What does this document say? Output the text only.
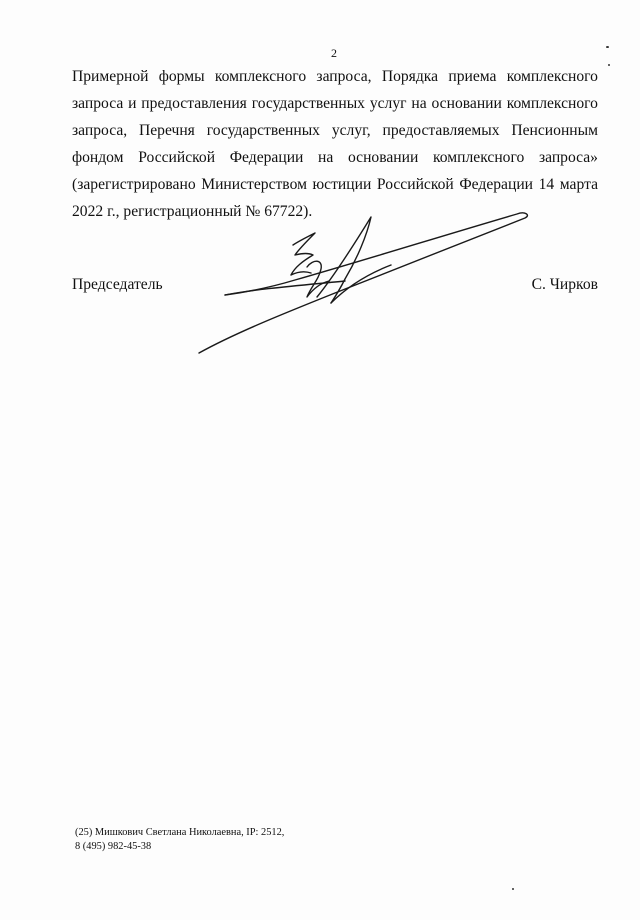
2
Примерной формы комплексного запроса, Порядка приема комплексного
запроса и предоставления государственных услуг на основании комплексного
запроса, Перечня государственных услуг, предоставляемых Пенсионным
фондом Российской Федерации на основании комплексного запроса»
(зарегистрировано Министерством юстиции Российской Федерации 14 марта
2022 г., регистрационный № 67722).
Председатель	С. Чирков
(25) Мишкович Светлана Николаевна, IP: 2512,
8 (495) 982-45-38
